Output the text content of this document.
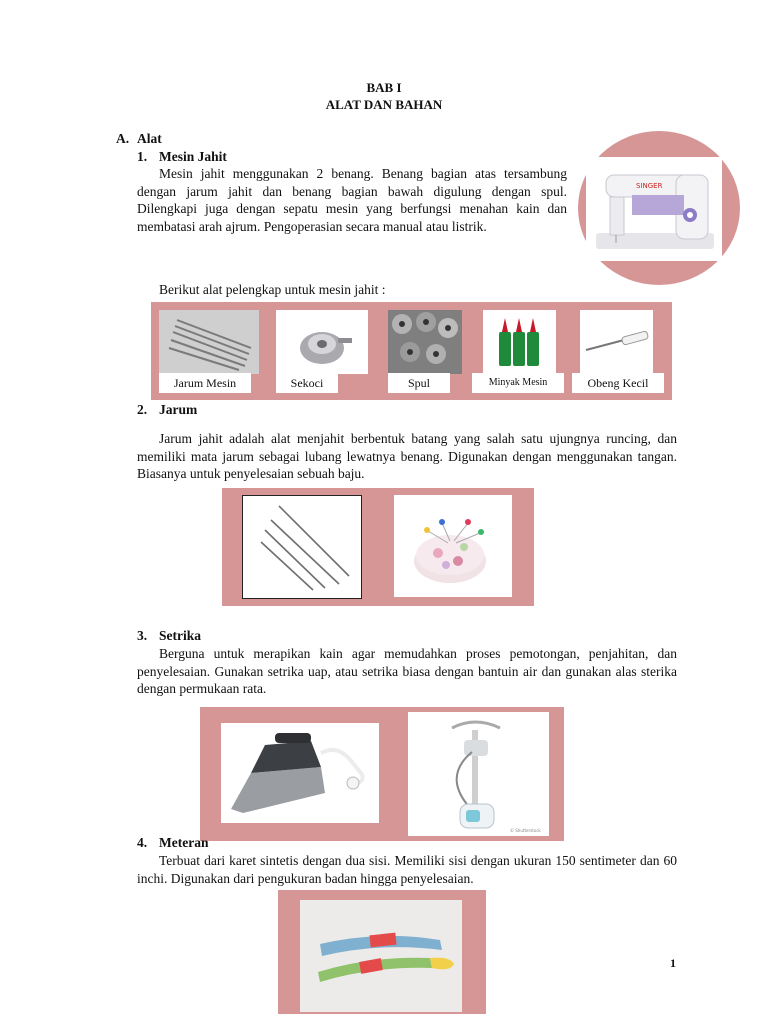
BAB I
ALAT DAN BAHAN
A. Alat
1. Mesin Jahit
Mesin jahit menggunakan 2 benang. Benang bagian atas tersambung dengan jarum jahit dan benang bagian bawah digulung dengan spul. Dilengkapi juga dengan sepatu mesin yang berfungsi menahan kain dan membatasi arah ajrum. Pengoperasian secara manual atau listrik.
SINGER
Berikut alat pelengkap untuk mesin jahit :
Jarum Mesin	Sekoci	Spul	Minyak Mesin	Obeng Kecil
2. Jarum
Jarum jahit adalah alat menjahit berbentuk batang yang salah satu ujungnya runcing, dan memiliki mata jarum sebagai lubang lewatnya benang. Digunakan dengan menggunakan tangan. Biasanya untuk penyelesaian sebuah baju.
3. Setrika
Berguna untuk merapikan kain agar memudahkan proses pemotongan, penjahitan, dan penyelesaian. Gunakan setrika uap, atau setrika biasa dengan bantuin air dan gunakan alas sterika dengan permukaan rata.
© Shutterstock
4. Meteran
Terbuat dari karet sintetis dengan dua sisi. Memiliki sisi dengan ukuran 150 sentimeter dan 60 inchi. Digunakan dari pengukuran badan hingga penyelesaian.
1
